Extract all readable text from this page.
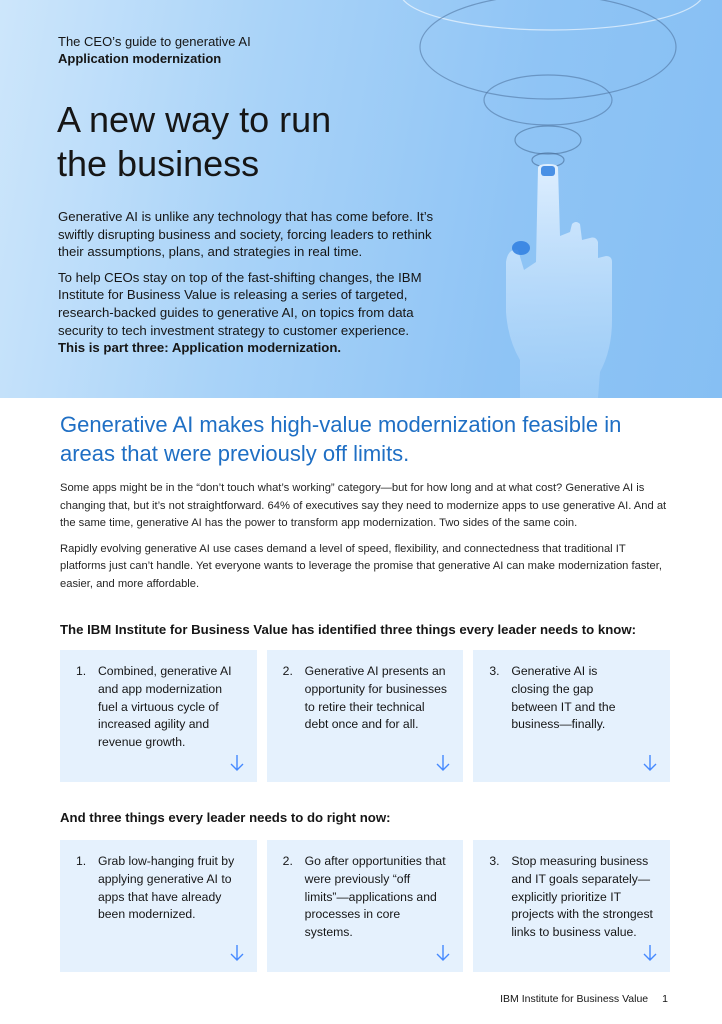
The CEO’s guide to generative AI
Application modernization
A new way to run
the business

Generative AI is unlike any technology that has come before. It’s swiftly disrupting business and society, forcing leaders to rethink their assumptions, plans, and strategies in real time.

To help CEOs stay on top of the fast-shifting changes, the IBM Institute for Business Value is releasing a series of targeted, research-backed guides to generative AI, on topics from data security to tech investment strategy to customer experience.
This is part three: Application modernization.

Generative AI makes high-value modernization feasible in areas that were previously off limits.

Some apps might be in the “don’t touch what’s working” category—but for how long and at what cost? Generative AI is changing that, but it’s not straightforward. 64% of executives say they need to modernize apps to use generative AI. And at the same time, generative AI has the power to transform app modernization. Two sides of the same coin.

Rapidly evolving generative AI use cases demand a level of speed, flexibility, and connectedness that traditional IT platforms just can’t handle. Yet everyone wants to leverage the promise that generative AI can make modernization faster, easier, and more affordable.

The IBM Institute for Business Value has identified three things every leader needs to know:
1. Combined, generative AI and app modernization fuel a virtuous cycle of increased agility and revenue growth.
2. Generative AI presents an opportunity for businesses to retire their technical debt once and for all.
3. Generative AI is closing the gap between IT and the business—finally.
And three things every leader needs to do right now:
1. Grab low-hanging fruit by applying generative AI to apps that have already been modernized.
2. Go after opportunities that were previously “off limits”—applications and processes in core systems.
3. Stop measuring business and IT goals separately—explicitly prioritize IT projects with the strongest links to business value.
IBM Institute for Business Value 1
